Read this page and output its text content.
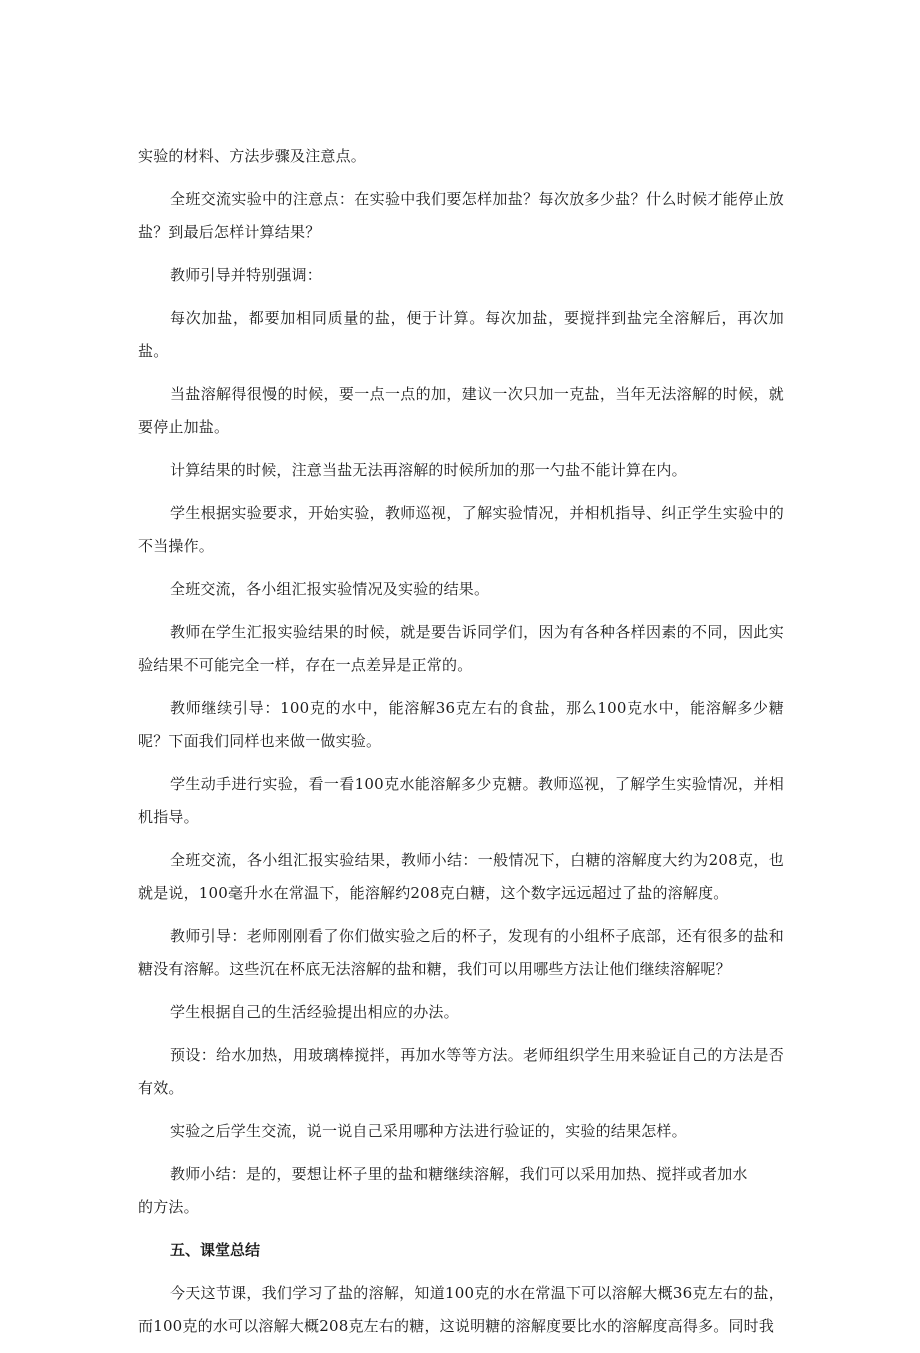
实验的材料、方法步骤及注意点。

全班交流实验中的注意点：在实验中我们要怎样加盐？每次放多少盐？什么时候才能停止放盐？到最后怎样计算结果？

教师引导并特别强调：

每次加盐，都要加相同质量的盐，便于计算。每次加盐，要搅拌到盐完全溶解后，再次加盐。

当盐溶解得很慢的时候，要一点一点的加，建议一次只加一克盐，当年无法溶解的时候，就要停止加盐。

计算结果的时候，注意当盐无法再溶解的时候所加的那一勺盐不能计算在内。

学生根据实验要求，开始实验，教师巡视，了解实验情况，并相机指导、纠正学生实验中的不当操作。

全班交流，各小组汇报实验情况及实验的结果。

教师在学生汇报实验结果的时候，就是要告诉同学们，因为有各种各样因素的不同，因此实验结果不可能完全一样，存在一点差异是正常的。

教师继续引导：100克的水中，能溶解36克左右的食盐，那么100克水中，能溶解多少糖呢？下面我们同样也来做一做实验。

学生动手进行实验，看一看100克水能溶解多少克糖。教师巡视，了解学生实验情况，并相机指导。

全班交流，各小组汇报实验结果，教师小结：一般情况下，白糖的溶解度大约为208克，也就是说，100毫升水在常温下，能溶解约208克白糖，这个数字远远超过了盐的溶解度。

教师引导：老师刚刚看了你们做实验之后的杯子，发现有的小组杯子底部，还有很多的盐和糖没有溶解。这些沉在杯底无法溶解的盐和糖，我们可以用哪些方法让他们继续溶解呢？

学生根据自己的生活经验提出相应的办法。

预设：给水加热，用玻璃棒搅拌，再加水等等方法。老师组织学生用来验证自己的方法是否有效。

实验之后学生交流，说一说自己采用哪种方法进行验证的，实验的结果怎样。

教师小结：是的，要想让杯子里的盐和糖继续溶解，我们可以采用加热、搅拌或者加水

的方法。

五、课堂总结

今天这节课，我们学习了盐的溶解，知道100克的水在常温下可以溶解大概36克左右的盐，而100克的水可以溶解大概208克左右的糖，这说明糖的溶解度要比水的溶解度高得多。同时我
